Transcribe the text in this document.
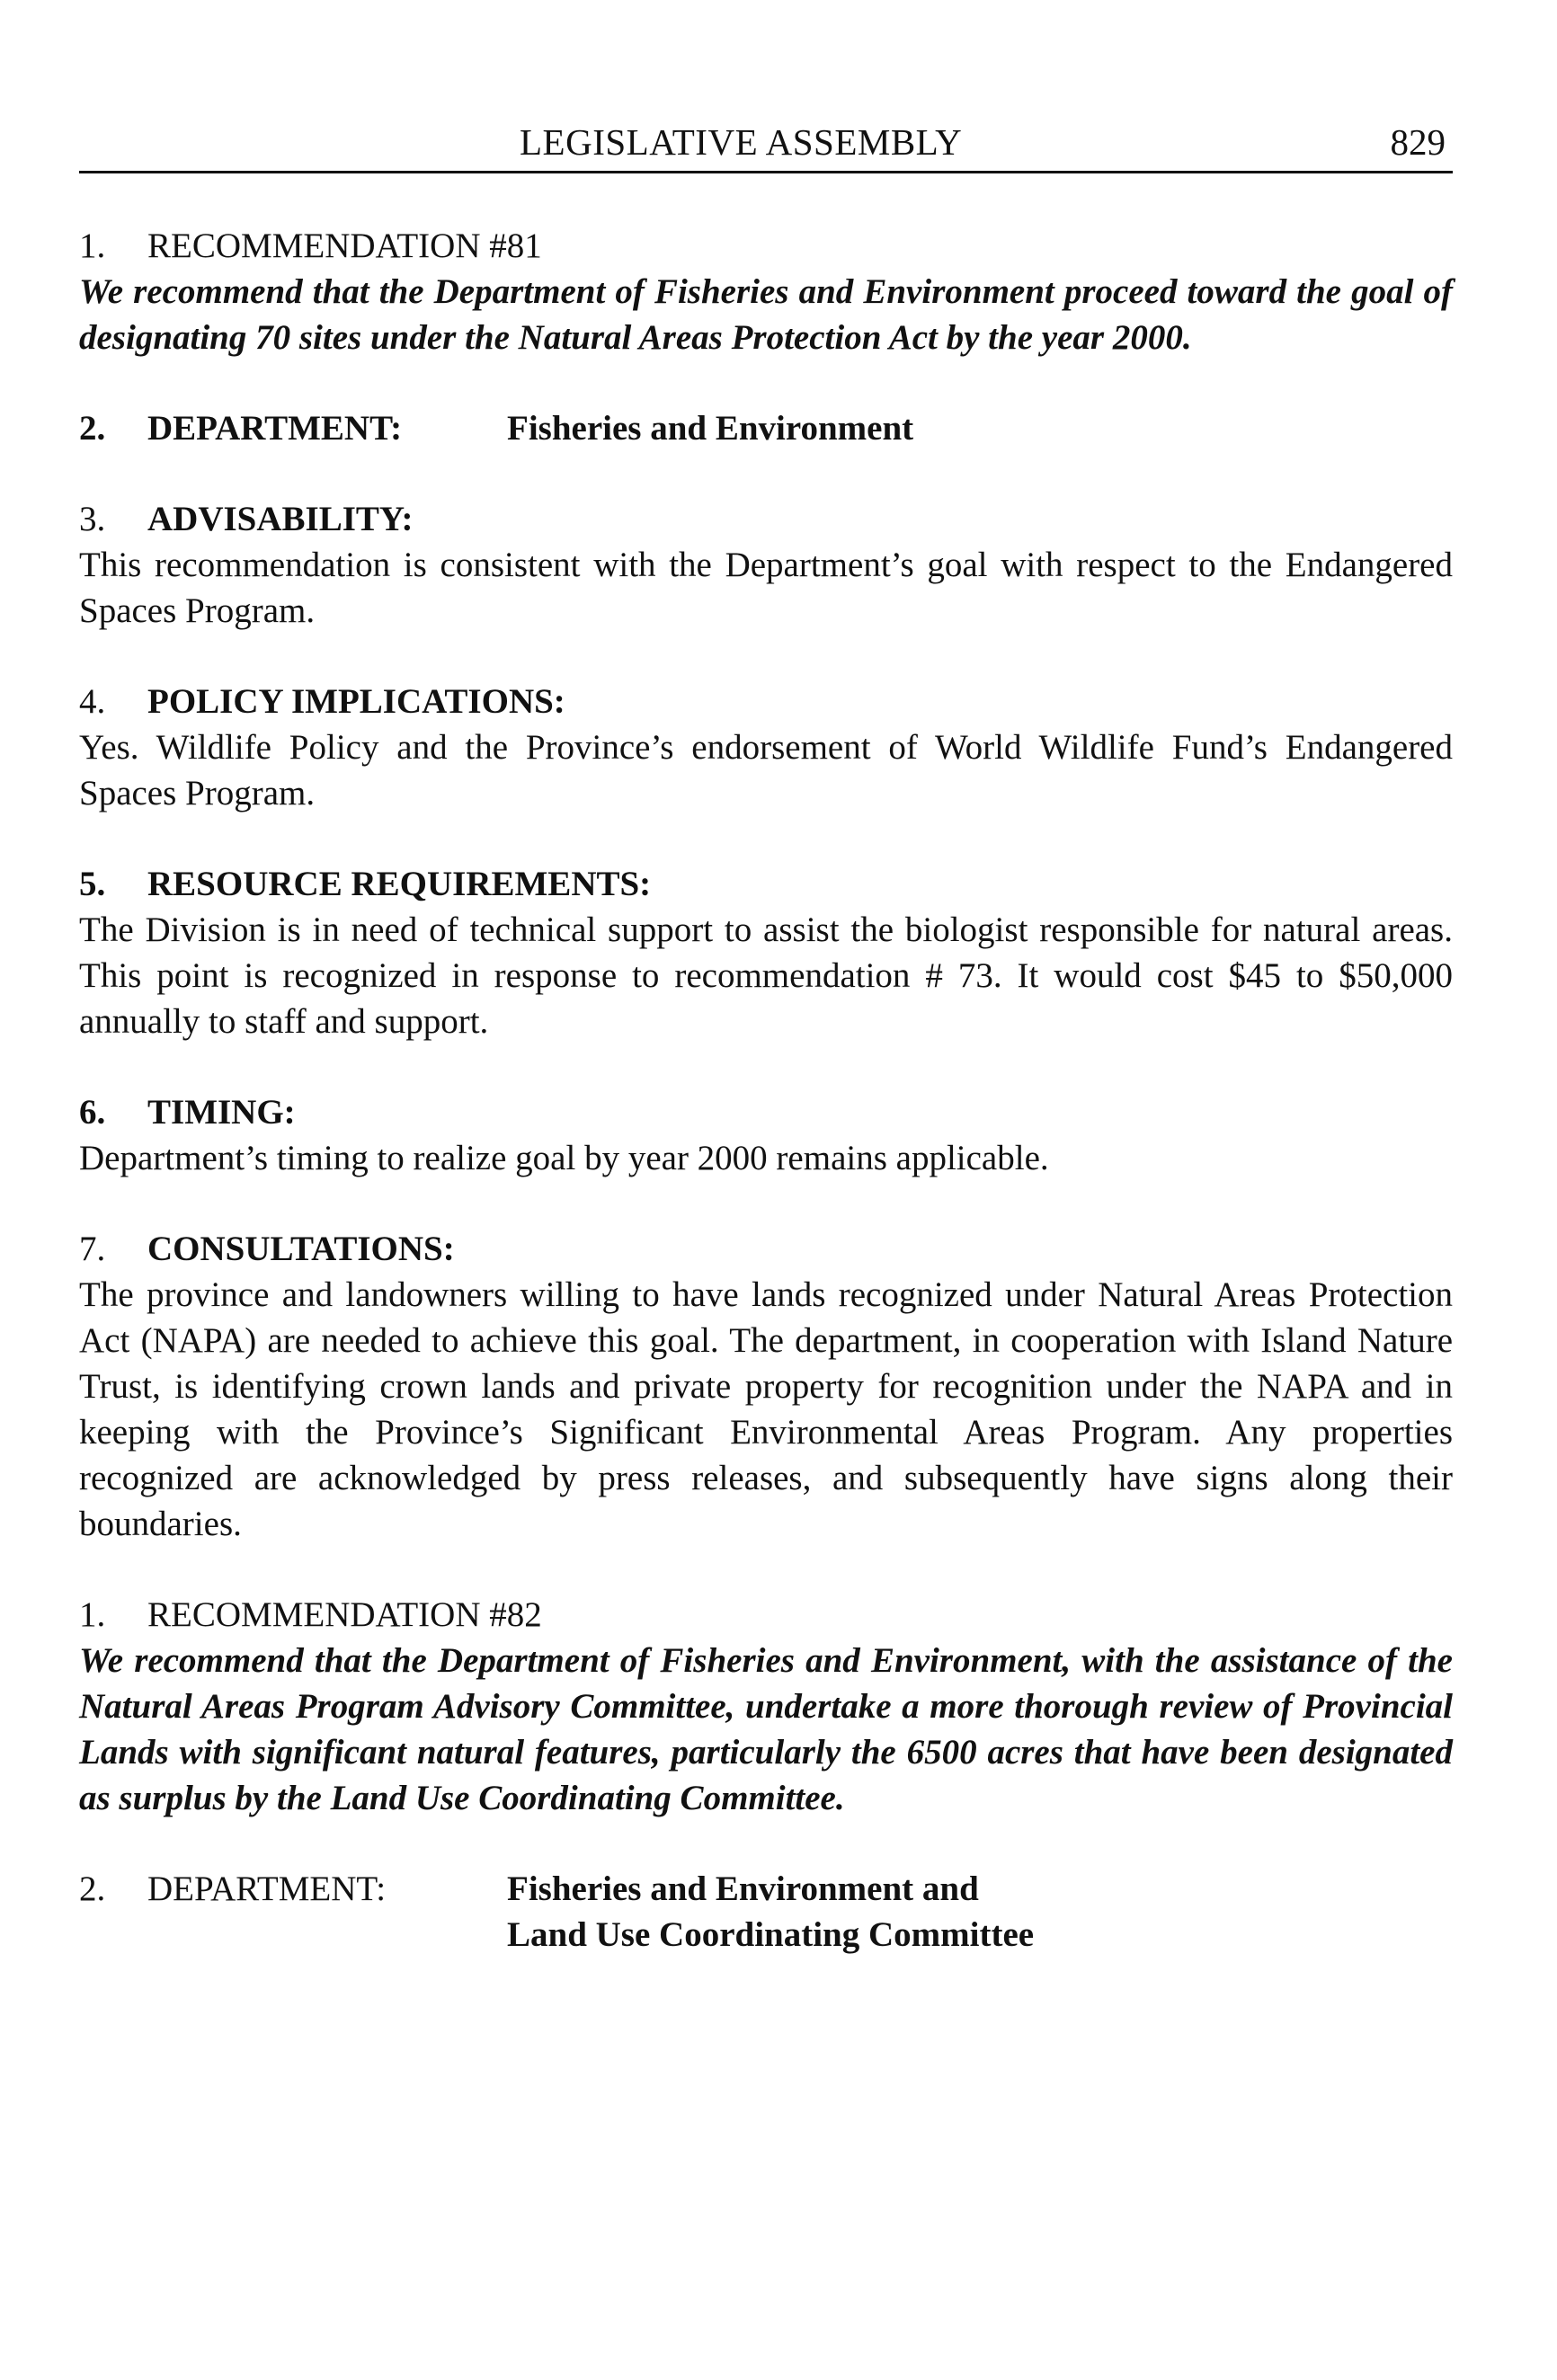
LEGISLATIVE ASSEMBLY	829
1. RECOMMENDATION #81
We recommend that the Department of Fisheries and Environment proceed toward the goal of designating 70 sites under the Natural Areas Protection Act by the year 2000.
2.	DEPARTMENT:	Fisheries and Environment
3. ADVISABILITY:
This recommendation is consistent with the Department’s goal with respect to the Endangered Spaces Program.
4. POLICY IMPLICATIONS:
Yes. Wildlife Policy and the Province’s endorsement of World Wildlife Fund’s Endangered Spaces Program.
5. RESOURCE REQUIREMENTS:
The Division is in need of technical support to assist the biologist responsible for natural areas. This point is recognized in response to recommendation # 73. It would cost $45 to $50,000 annually to staff and support.
6. TIMING:
Department’s timing to realize goal by year 2000 remains applicable.
7. CONSULTATIONS:
The province and landowners willing to have lands recognized under Natural Areas Protection Act (NAPA) are needed to achieve this goal. The department, in cooperation with Island Nature Trust, is identifying crown lands and private property for recognition under the NAPA and in keeping with the Province’s Significant Environmental Areas Program. Any properties recognized are acknowledged by press releases, and subsequently have signs along their boundaries.
1. RECOMMENDATION #82
We recommend that the Department of Fisheries and Environment, with the assistance of the Natural Areas Program Advisory Committee, undertake a more thorough review of Provincial Lands with significant natural features, particularly the 6500 acres that have been designated as surplus by the Land Use Coordinating Committee.
2.	DEPARTMENT:	Fisheries and Environment and
Land Use Coordinating Committee
